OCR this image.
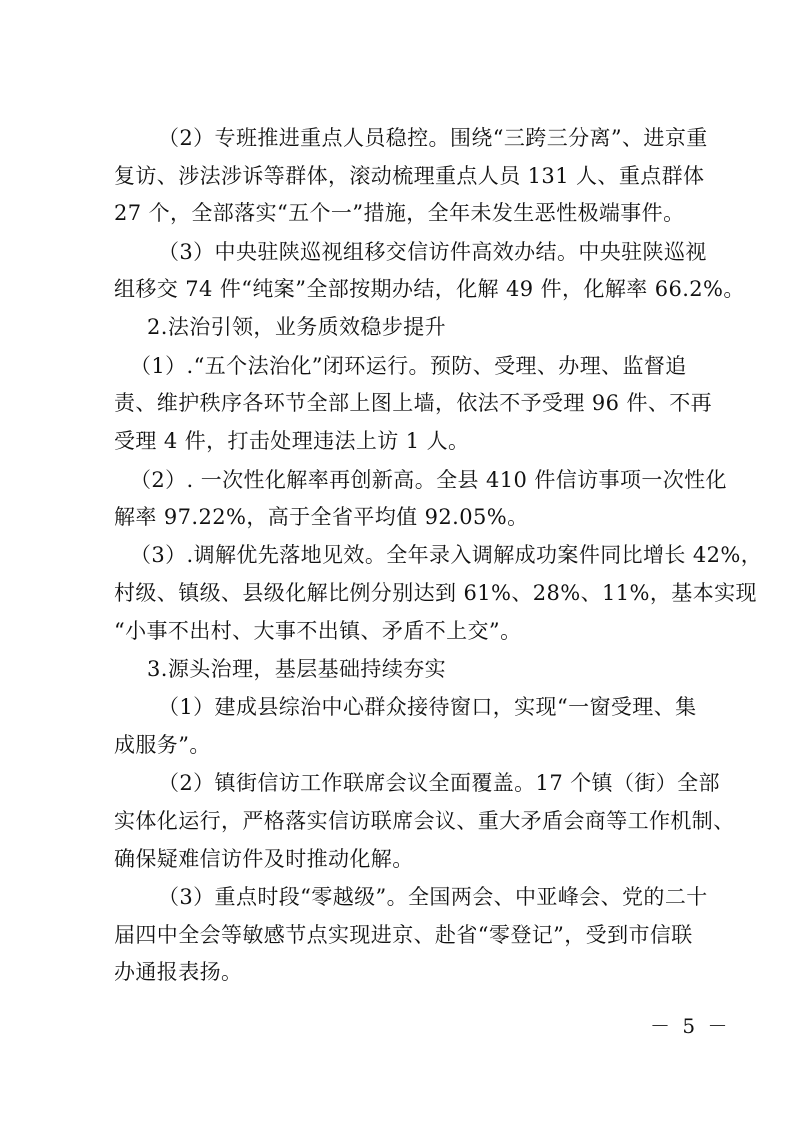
（2）专班推进重点人员稳控。围绕“三跨三分离”、进京重
复访、涉法涉诉等群体，滚动梳理重点人员 131 人、重点群体
27 个，全部落实“五个一”措施，全年未发生恶性极端事件。
（3）中央驻陕巡视组移交信访件高效办结。中央驻陕巡视
组移交 74 件“纯案”全部按期办结，化解 49 件，化解率 66.2%。
2.法治引领，业务质效稳步提升
（1）.“五个法治化”闭环运行。预防、受理、办理、监督追
责、维护秩序各环节全部上图上墙，依法不予受理 96 件、不再
受理 4 件，打击处理违法上访 1 人。
（2）. 一次性化解率再创新高。全县 410 件信访事项一次性化
解率 97.22%，高于全省平均值 92.05%。
（3）.调解优先落地见效。全年录入调解成功案件同比增长 42%，
村级、镇级、县级化解比例分别达到 61%、28%、11%，基本实现
“小事不出村、大事不出镇、矛盾不上交”。
3.源头治理，基层基础持续夯实
（1）建成县综治中心群众接待窗口，实现“一窗受理、集
成服务”。
（2）镇街信访工作联席会议全面覆盖。17 个镇（街）全部
实体化运行，严格落实信访联席会议、重大矛盾会商等工作机制、
确保疑难信访件及时推动化解。
（3）重点时段“零越级”。全国两会、中亚峰会、党的二十
届四中全会等敏感节点实现进京、赴省“零登记”，受到市信联
办通报表扬。
－ 5 －
